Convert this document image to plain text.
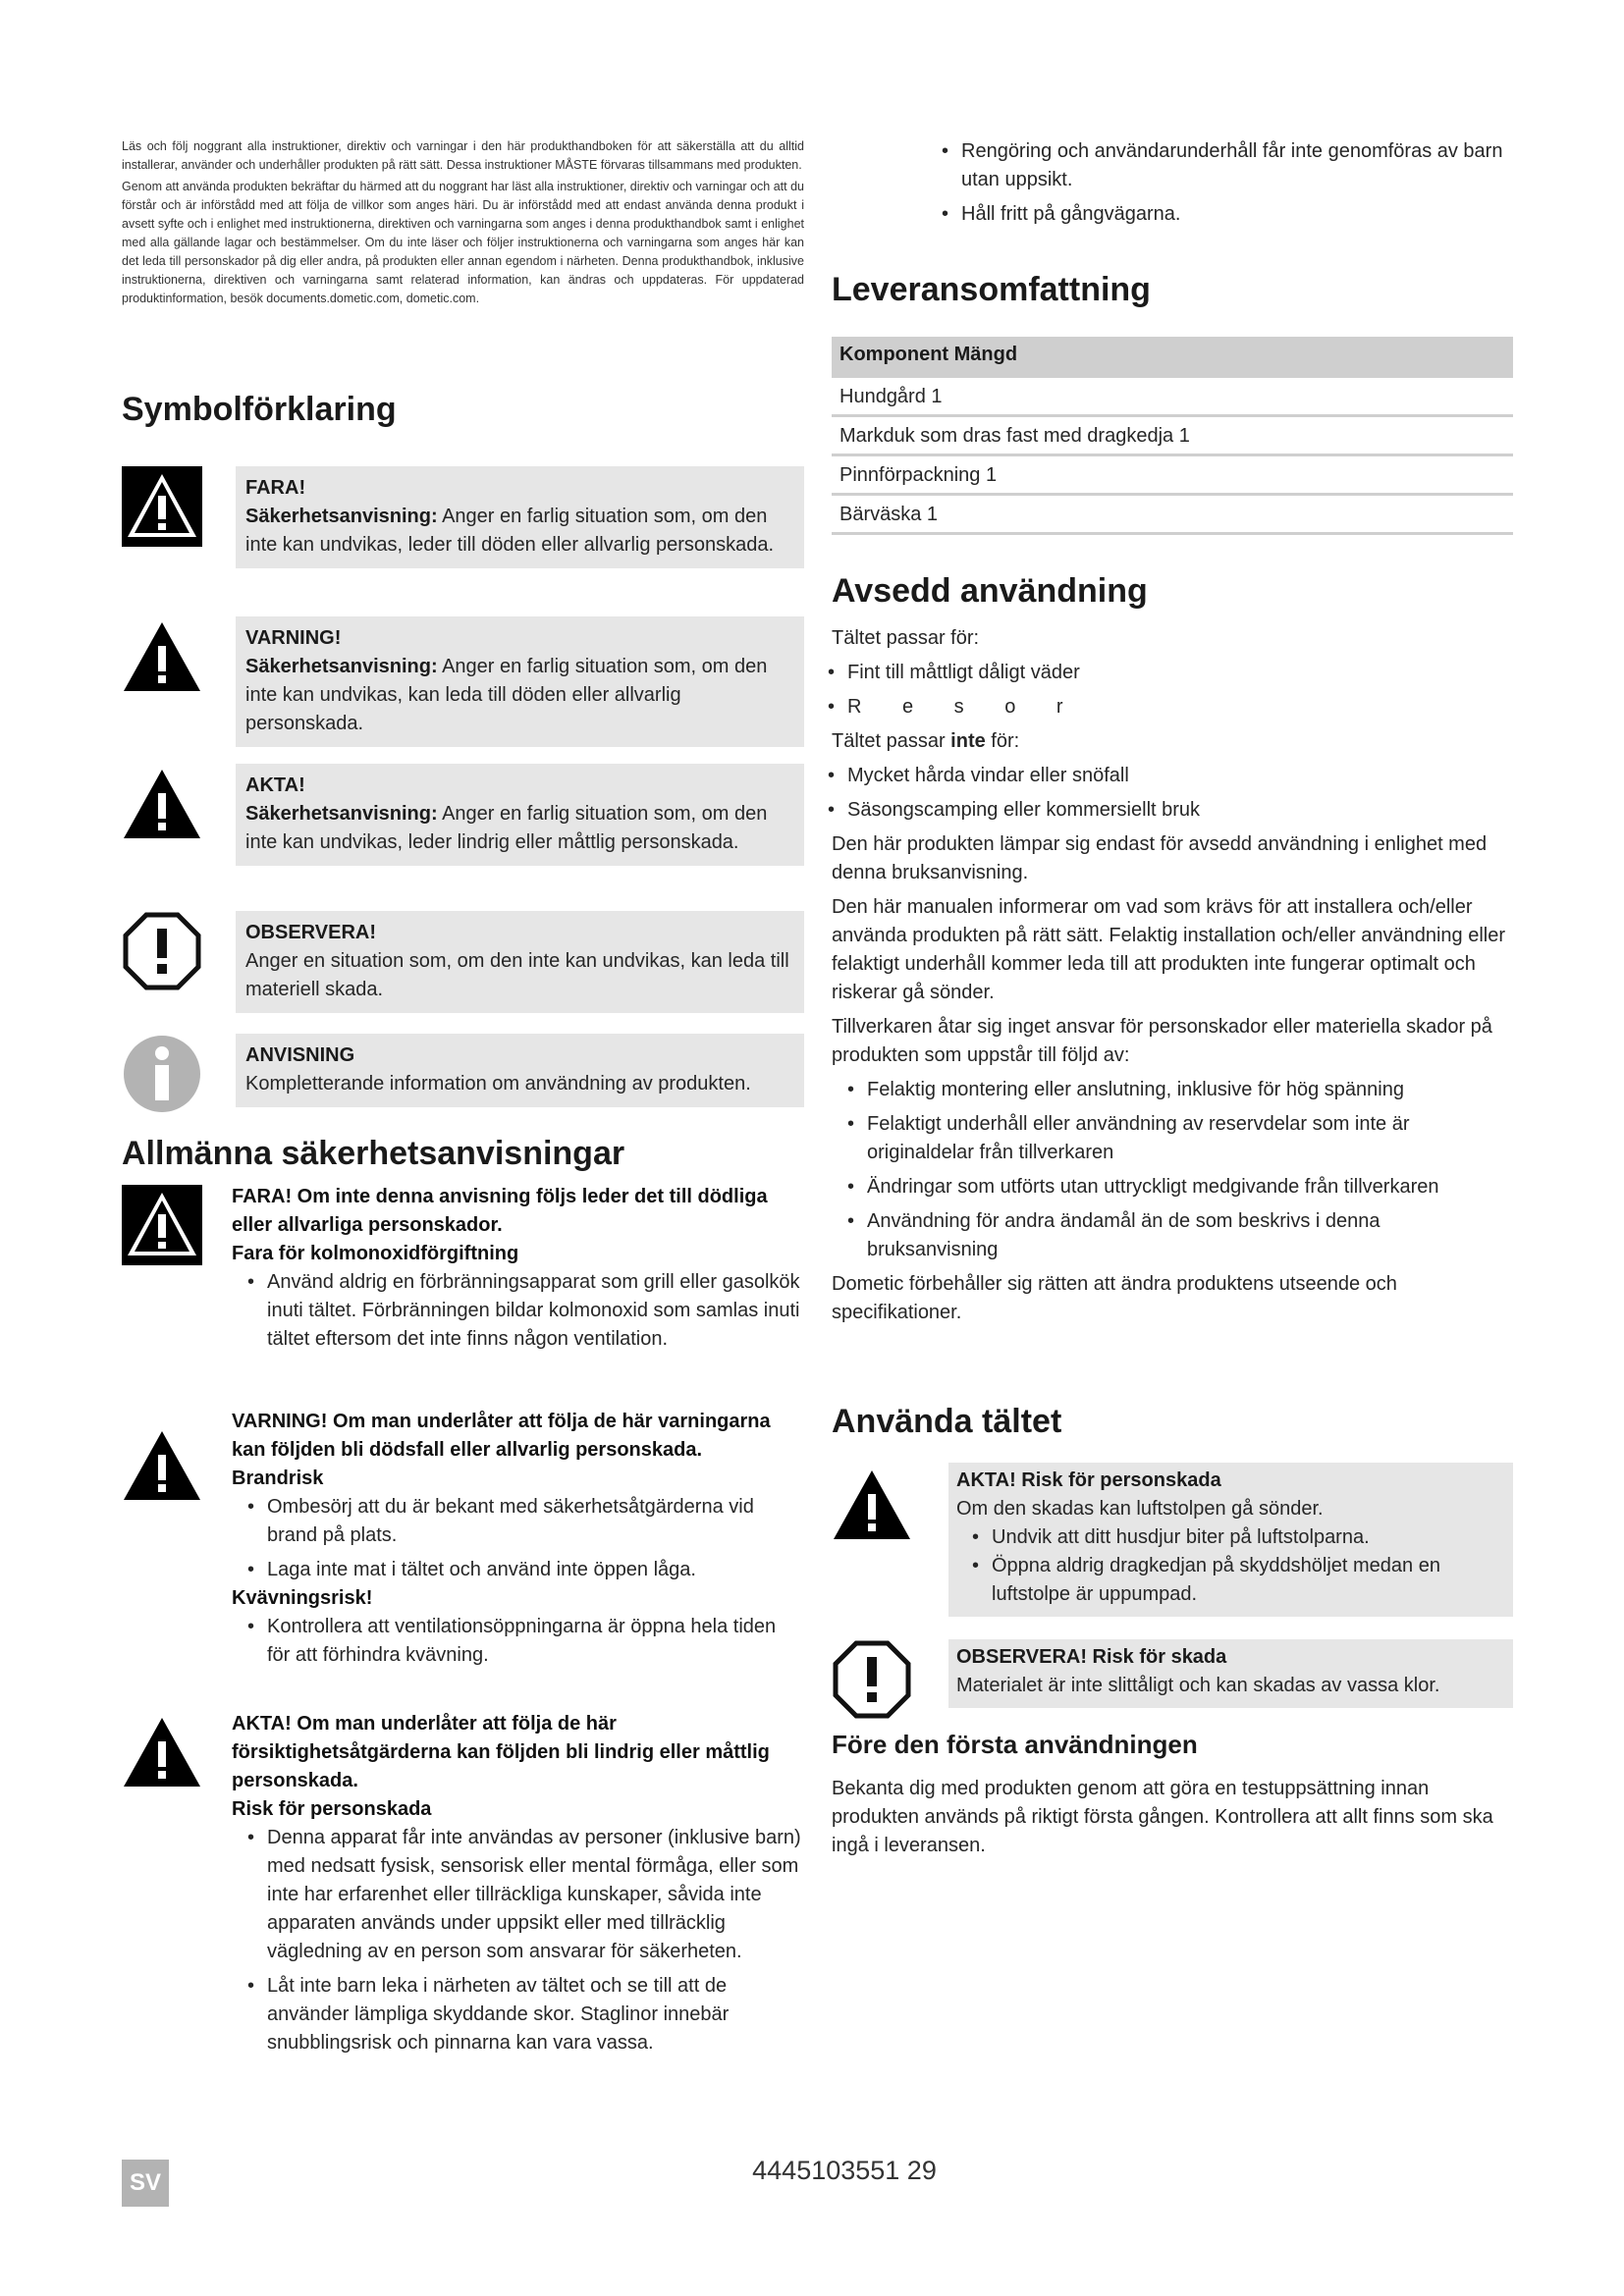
Läs och följ noggrant alla instruktioner, direktiv och varningar i den här produkthandboken för att säkerställa att du alltid installerar, använder och underhåller produkten på rätt sätt. Dessa instruktioner MÅSTE förvaras tillsammans med produkten.

Genom att använda produkten bekräftar du härmed att du noggrant har läst alla instruktioner, direktiv och varningar och att du förstår och är införstådd med att följa de villkor som anges häri. Du är införstådd med att endast använda denna produkt i avsett syfte och i enlighet med instruktionerna, direktiven och varningarna som anges i denna produkthandbok samt i enlighet med alla gällande lagar och bestämmelser. Om du inte läser och följer instruktionerna och varningarna som anges här kan det leda till personskador på dig eller andra, på produkten eller annan egendom i närheten. Denna produkthandbok, inklusive instruktionerna, direktiven och varningarna samt relaterad information, kan ändras och uppdateras. För uppdaterad produktinformation, besök documents.dometic.com, dometic.com.

Symbolförklaring
FARA!
Säkerhetsanvisning: Anger en farlig situation som, om den inte kan undvikas, leder till döden eller allvarlig personskada.
VARNING!
Säkerhetsanvisning: Anger en farlig situation som, om den inte kan undvikas, kan leda till döden eller allvarlig personskada.
AKTA!
Säkerhetsanvisning: Anger en farlig situation som, om den inte kan undvikas, leder lindrig eller måttlig personskada.
OBSERVERA!
Anger en situation som, om den inte kan undvikas, kan leda till materiell skada.
ANVISNING
Kompletterande information om användning av produkten.
Allmänna säkerhetsanvisningar
FARA! Om inte denna anvisning följs leder det till dödliga eller allvarliga personskador.
Fara för kolmonoxidförgiftning
• Använd aldrig en förbränningsapparat som grill eller gasolkök inuti tältet. Förbränningen bildar kolmonoxid som samlas inuti tältet eftersom det inte finns någon ventilation.
VARNING! Om man underlåter att följa de här varningarna kan följden bli dödsfall eller allvarlig personskada.
Brandrisk
• Ombesörj att du är bekant med säkerhetsåtgärderna vid brand på plats.
• Laga inte mat i tältet och använd inte öppen låga.
Kvävningsrisk!
• Kontrollera att ventilationsöppningarna är öppna hela tiden för att förhindra kvävning.
AKTA! Om man underlåter att följa de här försiktighetsåtgärderna kan följden bli lindrig eller måttlig personskada.
Risk för personskada
• Denna apparat får inte användas av personer (inklusive barn) med nedsatt fysisk, sensorisk eller mental förmåga, eller som inte har erfarenhet eller tillräckliga kunskaper, såvida inte apparaten används under uppsikt eller med tillräcklig vägledning av en person som ansvarar för säkerheten.
• Låt inte barn leka i närheten av tältet och se till att de använder lämpliga skyddande skor. Staglinor innebär snubblingsrisk och pinnarna kan vara vassa.
• Rengöring och användarunderhåll får inte genomföras av barn utan uppsikt.
• Håll fritt på gångvägarna.
Leveransomfattning
Komponent Mängd
Hundgård 1
Markduk som dras fast med dragkedja 1
Pinnförpackning 1
Bärväska 1
Avsedd användning
Tältet passar för:
• Fint till måttligt dåligt väder
• R e s o r
Tältet passar inte för:
• Mycket hårda vindar eller snöfall
• Säsongscamping eller kommersiellt bruk
Den här produkten lämpar sig endast för avsedd användning i enlighet med denna bruksanvisning.
Den här manualen informerar om vad som krävs för att installera och/eller använda produkten på rätt sätt. Felaktig installation och/eller användning eller felaktigt underhåll kommer leda till att produkten inte fungerar optimalt och riskerar gå sönder.
Tillverkaren åtar sig inget ansvar för personskador eller materiella skador på produkten som uppstår till följd av:
• Felaktig montering eller anslutning, inklusive för hög spänning
• Felaktigt underhåll eller användning av reservdelar som inte är originaldelar från tillverkaren
• Ändringar som utförts utan uttryckligt medgivande från tillverkaren
• Användning för andra ändamål än de som beskrivs i denna bruksanvisning
Dometic förbehåller sig rätten att ändra produktens utseende och specifikationer.
Använda tältet
AKTA! Risk för personskada
Om den skadas kan luftstolpen gå sönder.
• Undvik att ditt husdjur biter på luftstolparna.
• Öppna aldrig dragkedjan på skyddshöljet medan en luftstolpe är uppumpad.
OBSERVERA! Risk för skada
Materialet är inte slittåligt och kan skadas av vassa klor.
Före den första användningen
Bekanta dig med produkten genom att göra en testuppsättning innan produkten används på riktigt första gången. Kontrollera att allt finns som ska ingå i leveransen.
SV	4445103551 29
